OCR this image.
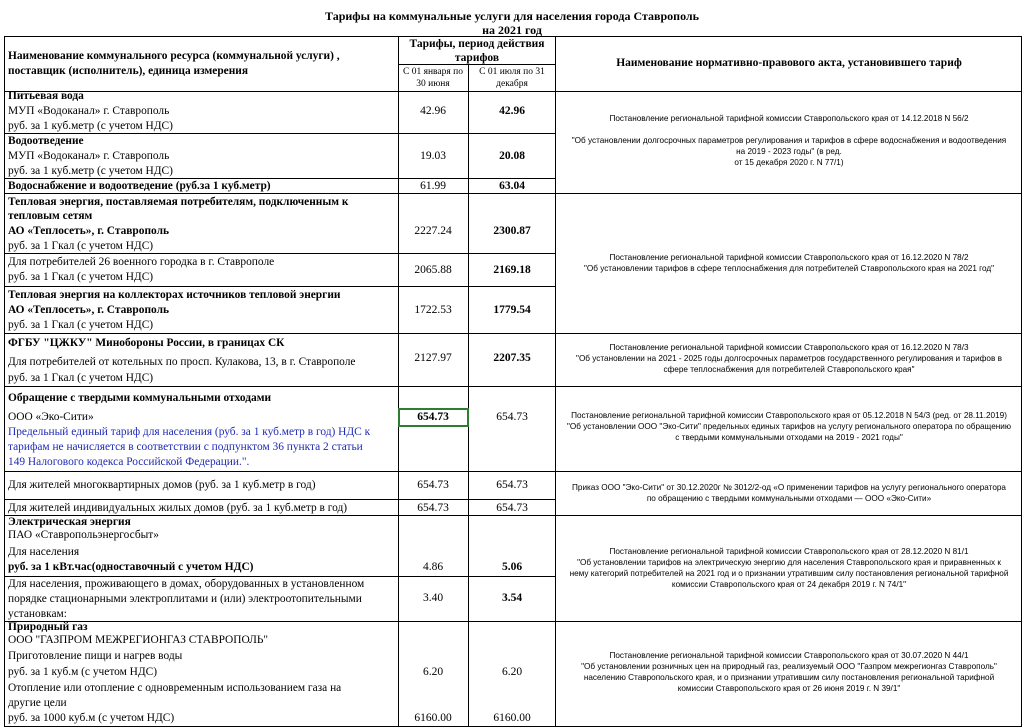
Тарифы на коммунальные услуги для населения города Ставрополь
на 2021 год
Наименование коммунального ресурса (коммунальной услуги) ,
поставщик (исполнитель), единица измерения
Тарифы, период действия
тарифов
С 01 января по
30 июня
С 01 июля по 31
декабря
Наименование нормативно-правового акта, установившего тариф
Питьевая вода
МУП «Водоканал» г. Ставрополь
руб. за 1 куб.метр (с учетом НДС)
42.96	42.96
Водоотведение
МУП «Водоканал» г. Ставрополь
руб. за 1 куб.метр (с учетом НДС)
19.03	20.08
Водоснабжение и водоотведение (руб.за 1 куб.метр)	61.99	63.04
Постановление региональной тарифной комиссии Ставропольского края от 14.12.2018 N 56/2
"Об установлении долгосрочных параметров регулирования и тарифов в сфере водоснабжения и водоотведения
на 2019 - 2023 годы" (в ред.
от 15 декабря 2020 г. N 77/1)
Тепловая энергия, поставляемая потребителям, подключенным к
тепловым сетям
АО «Теплосеть», г. Ставрополь
руб. за 1 Гкал (с учетом НДС)
2227.24	2300.87
Для потребителей 26 военного городка в г. Ставрополе
руб. за 1 Гкал (с учетом НДС)
2065.88	2169.18
Тепловая энергия на коллекторах источников тепловой энергии
АО «Теплосеть», г. Ставрополь
руб. за 1 Гкал (с учетом НДС)
1722.53	1779.54
Постановление региональной тарифной комиссии Ставропольского края от 16.12.2020 N 78/2
"Об установлении тарифов в сфере теплоснабжения для потребителей Ставропольского края на 2021 год"
ФГБУ "ЦЖКУ" Минобороны России, в границах СК
Для потребителей от котельных по просп. Кулакова, 13, в г. Ставрополе
руб. за 1 Гкал (с учетом НДС)
2127.97	2207.35
Постановление региональной тарифной комиссии Ставропольского края от 16.12.2020 N 78/3
"Об установлении на 2021 - 2025 годы долгосрочных параметров государственного регулирования и тарифов в
сфере теплоснабжения для потребителей Ставропольского края"
Обращение с твердыми коммунальными отходами
ООО «Эко-Сити»
Предельный единый тариф для населения (руб. за 1 куб.метр в год) НДС к
тарифам не начисляется в соответствии с подпунктом 36 пункта 2 статьи
149 Налогового кодекса Российской Федерации.".
654.73	654.73	Постановление региональной тарифной комиссии Ставропольского края от 05.12.2018 N 54/3 (ред. от 28.11.2019)
"Об установлении ООО "Эко-Сити" предельных единых тарифов на услугу регионального оператора по обращению
с твердыми коммунальными отходами на 2019 - 2021 годы"
Для жителей многоквартирных домов (руб. за 1 куб.метр в год)	654.73	654.73
Для жителей индивидуальных жилых домов (руб. за 1 куб.метр в год)	654.73	654.73
Приказ ООО "Эко-Сити" от 30.12.2020г № 3012/2-од «О применении тарифов на услугу регионального оператора
по обращению с твердыми коммунальными отходами — ООО «Эко-Сити»
Электрическая энергия
ПАО «Ставропольэнергосбыт»
Для населения
руб. за 1 кВт.час(одноставочный с учетом НДС)	4.86	5.06
Для населения, проживающего в домах, оборудованных в установленном
порядке стационарными электроплитами и (или) электроотопительными
установкам:
3.40	3.54
Постановление региональной тарифной комиссии Ставропольского края от 28.12.2020 N 81/1
"Об установлении тарифов на электрическую энергию для населения Ставропольского края и приравненных к
нему категорий потребителей на 2021 год и о признании утратившим силу постановления региональной тарифной
комиссии Ставропольского края от 24 декабря 2019 г. N 74/1"
Природный газ
ООО "ГАЗПРОМ МЕЖРЕГИОНГАЗ СТАВРОПОЛЬ"
Приготовление пищи и нагрев воды
руб. за 1 куб.м (с учетом НДС)	6.20	6.20
Отопление или отопление с одновременным использованием газа на
другие цели
руб. за 1000 куб.м (с учетом НДС)	6160.00	6160.00
Постановление региональной тарифной комиссии Ставропольского края от 30.07.2020 N 44/1
"Об установлении розничных цен на природный газ, реализуемый ООО "Газпром межрегионгаз Ставрополь"
населению Ставропольского края, и о признании утратившим силу постановления региональной тарифной
комиссии Ставропольского края от 26 июня 2019 г. N 39/1"
